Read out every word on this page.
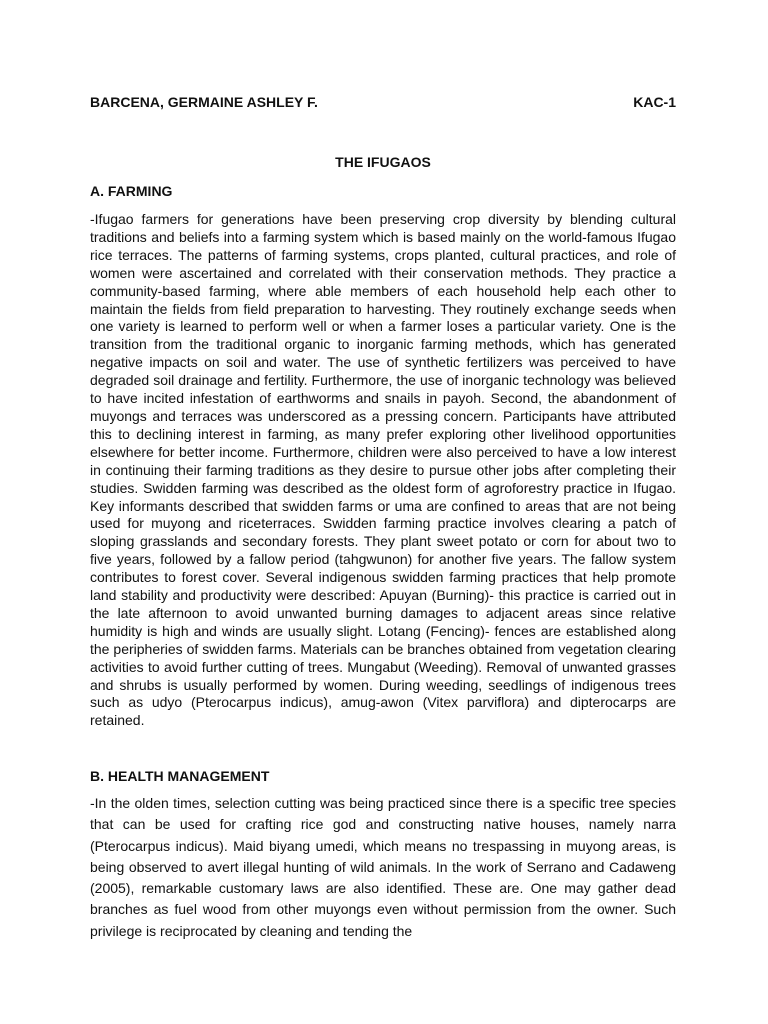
BARCENA, GERMAINE ASHLEY F.	KAC-1
THE IFUGAOS
A. FARMING

-Ifugao farmers for generations have been preserving crop diversity by blending cultural traditions and beliefs into a farming system which is based mainly on the world-famous Ifugao rice terraces. The patterns of farming systems, crops planted, cultural practices, and role of women were ascertained and correlated with their conservation methods. They practice a community-based farming, where able members of each household help each other to maintain the fields from field preparation to harvesting. They routinely exchange seeds when one variety is learned to perform well or when a farmer loses a particular variety. One is the transition from the traditional organic to inorganic farming methods, which has generated negative impacts on soil and water. The use of synthetic fertilizers was perceived to have degraded soil drainage and fertility. Furthermore, the use of inorganic technology was believed to have incited infestation of earthworms and snails in payoh. Second, the abandonment of muyongs and terraces was underscored as a pressing concern. Participants have attributed this to declining interest in farming, as many prefer exploring other livelihood opportunities elsewhere for better income. Furthermore, children were also perceived to have a low interest in continuing their farming traditions as they desire to pursue other jobs after completing their studies. Swidden farming was described as the oldest form of agroforestry practice in Ifugao. Key informants described that swidden farms or uma are confined to areas that are not being used for muyong and riceterraces. Swidden farming practice involves clearing a patch of sloping grasslands and secondary forests. They plant sweet potato or corn for about two to five years, followed by a fallow period (tahgwunon) for another five years. The fallow system contributes to forest cover. Several indigenous swidden farming practices that help promote land stability and productivity were described: Apuyan (Burning)- this practice is carried out in the late afternoon to avoid unwanted burning damages to adjacent areas since relative humidity is high and winds are usually slight. Lotang (Fencing)- fences are established along the peripheries of swidden farms. Materials can be branches obtained from vegetation clearing activities to avoid further cutting of trees. Mungabut (Weeding). Removal of unwanted grasses and shrubs is usually performed by women. During weeding, seedlings of indigenous trees such as udyo (Pterocarpus indicus), amug-awon (Vitex parviflora) and dipterocarps are retained.

B. HEALTH MANAGEMENT

-In the olden times, selection cutting was being practiced since there is a specific tree species that can be used for crafting rice god and constructing native houses, namely narra (Pterocarpus indicus). Maid biyang umedi, which means no trespassing in muyong areas, is being observed to avert illegal hunting of wild animals. In the work of Serrano and Cadaweng (2005), remarkable customary laws are also identified. These are. One may gather dead branches as fuel wood from other muyongs even without permission from the owner. Such privilege is reciprocated by cleaning and tending the
